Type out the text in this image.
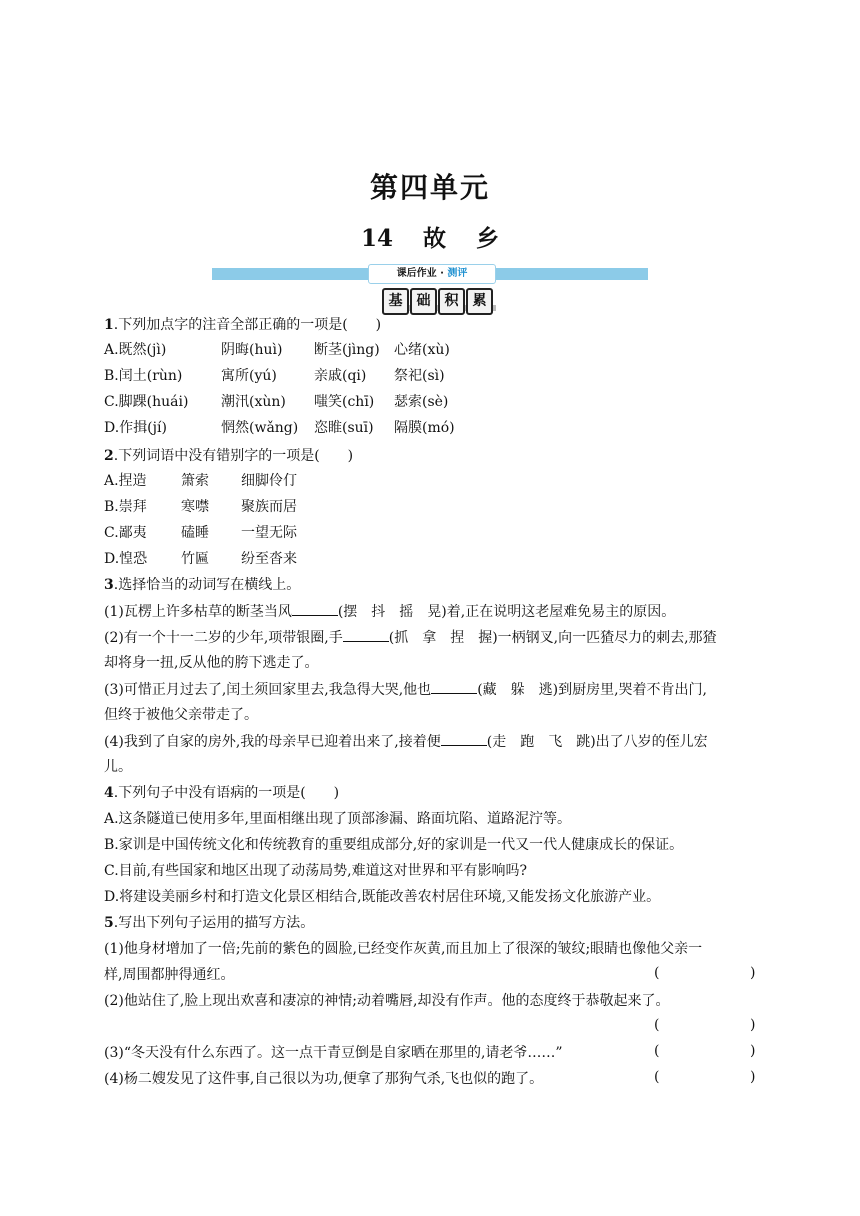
第四单元
14 故 乡
课后作业 · 测评
基	础	积	累
1.下列加点字的注音全部正确的一项是(　　)
A.既然(jì)	阴晦(huì) 断茎(jìng) 心绪(xù)
B.闰土(rùn)	寓所(yú)	亲戚(qi) 祭祀(sì)
C.脚踝(huái) 潮汛(xùn) 嗤笑(chī) 瑟索(sè)
D.作揖(jí)	惘然(wǎng) 恣睢(suī) 隔膜(mó)
2.下列词语中没有错别字的一项是(　　)
A.捏造 箫索 细脚伶仃
B.崇拜 寒噤 聚族而居
C.鄙夷 磕睡 一望无际
D.惶恐 竹匾 纷至沓来
3.选择恰当的动词写在横线上。
(1)瓦楞上许多枯草的断茎当风	(摆　抖　摇　晃)着,正在说明这老屋难免易主的原因。
(2)有一个十一二岁的少年,项带银圈,手	(抓　拿　捏　握)一柄钢叉,向一匹猹尽力的刺去,那猹
却将身一扭,反从他的胯下逃走了。
(3)可惜正月过去了,闰土须回家里去,我急得大哭,他也	(藏　躲　逃)到厨房里,哭着不肯出门,
但终于被他父亲带走了。
(4)我到了自家的房外,我的母亲早已迎着出来了,接着便	(走　跑　飞　跳)出了八岁的侄儿宏
儿。
4.下列句子中没有语病的一项是(　　)
A.这条隧道已使用多年,里面相继出现了顶部渗漏、路面坑陷、道路泥泞等。
B.家训是中国传统文化和传统教育的重要组成部分,好的家训是一代又一代人健康成长的保证。
C.目前,有些国家和地区出现了动荡局势,难道这对世界和平有影响吗?
D.将建设美丽乡村和打造文化景区相结合,既能改善农村居住环境,又能发扬文化旅游产业。
5.写出下列句子运用的描写方法。
(1)他身材增加了一倍;先前的紫色的圆脸,已经变作灰黄,而且加上了很深的皱纹;眼睛也像他父亲一
样,周围都肿得通红。	(	)
(2)他站住了,脸上现出欢喜和凄凉的神情;动着嘴唇,却没有作声。他的态度终于恭敬起来了。
(	)
(3)“冬天没有什么东西了。这一点干青豆倒是自家晒在那里的,请老爷……”	(	)
(4)杨二嫂发见了这件事,自己很以为功,便拿了那狗气杀,飞也似的跑了。	(	)
